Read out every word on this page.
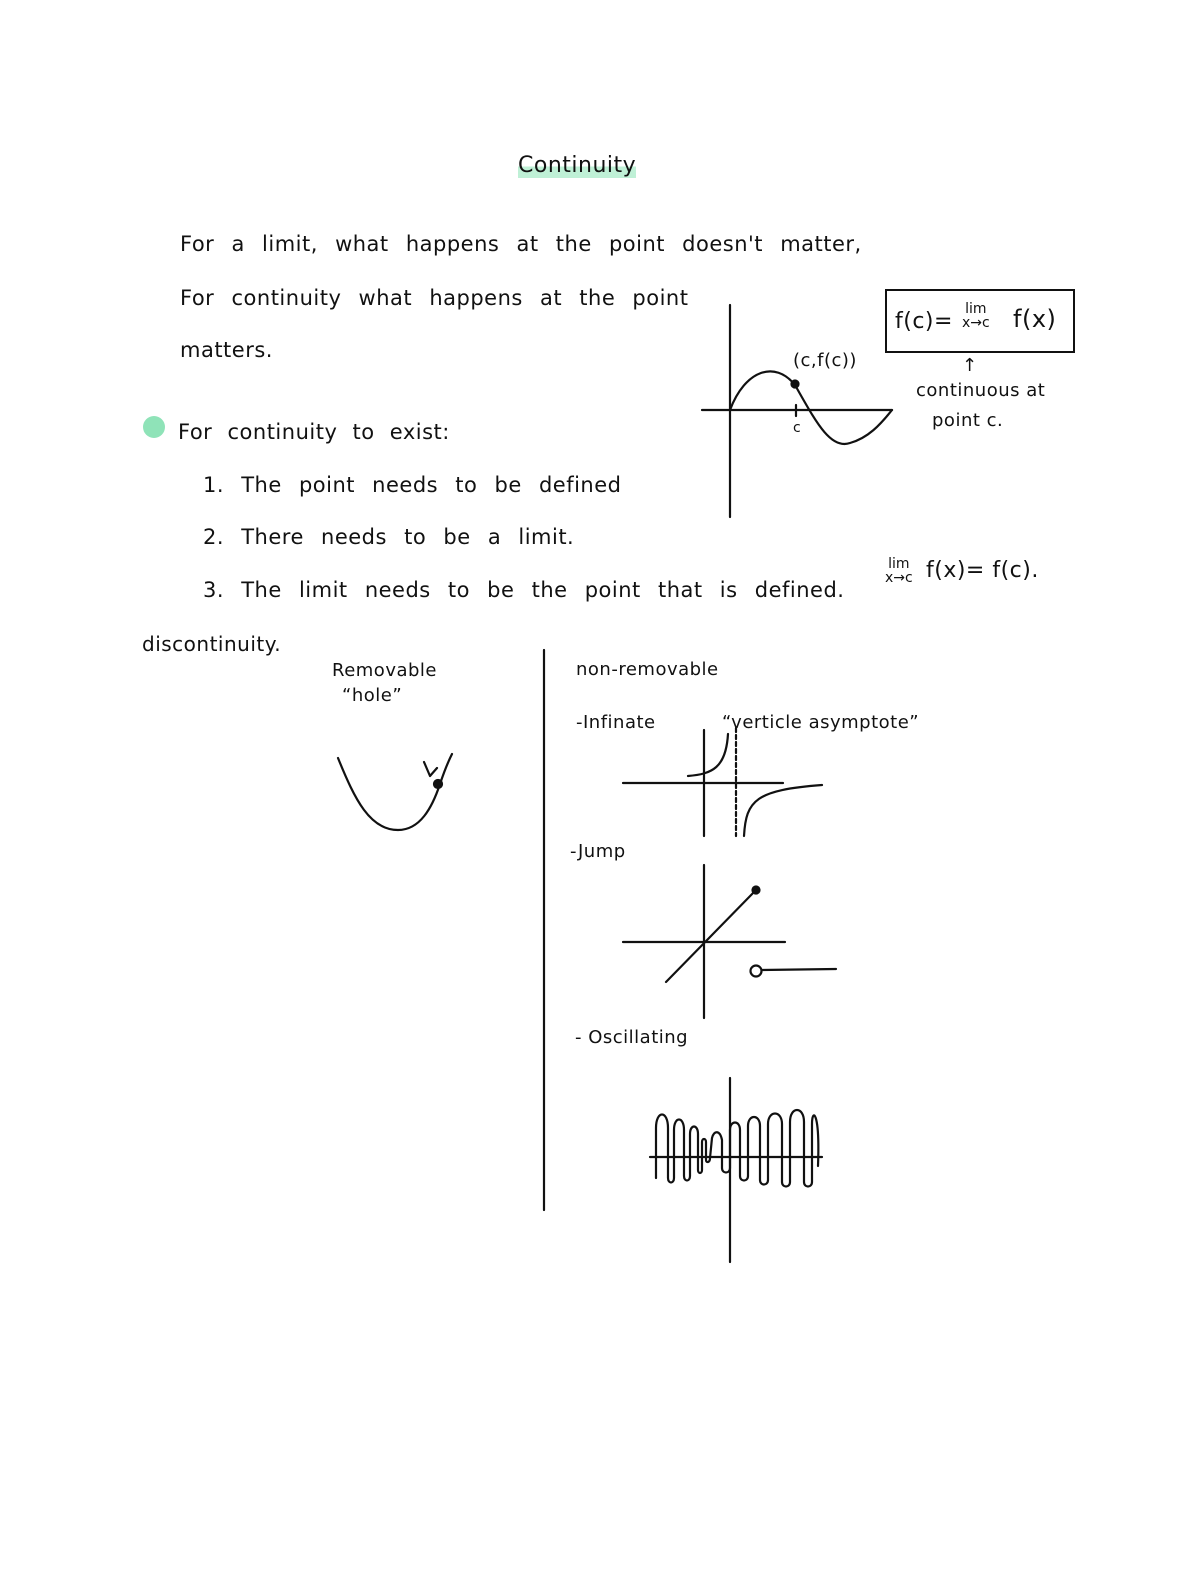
Continuity
For a limit, what happens at the point doesn't matter,
For continuity what happens at the point
matters.
f(c)= lim
x→c f(x)
↑
continuous at
point c.
(c,f(c))
c
For continuity to exist:
1. The point needs to be defined
2. There needs to be a limit.
3. The limit needs to be the point that is defined.
lim
x→c f(x)= f(c).
discontinuity.
Removable
“hole”
non-removable
-Infinate	“verticle asymptote”
-Jump
- Oscillating
